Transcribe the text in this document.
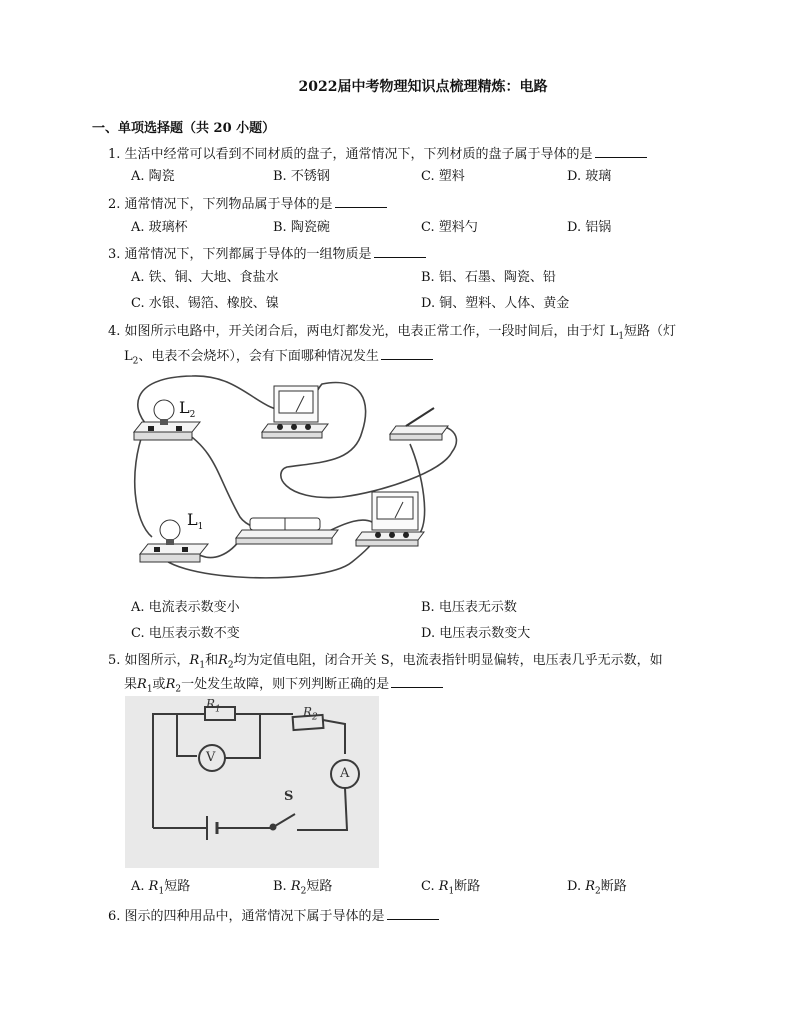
2022届中考物理知识点梳理精炼：电路
一、单项选择题（共 20 小题）
1. 生活中经常可以看到不同材质的盘子，通常情况下，下列材质的盘子属于导体的是
A. 陶瓷	B. 不锈钢	C. 塑料	D. 玻璃
2. 通常情况下，下列物品属于导体的是
A. 玻璃杯	B. 陶瓷碗	C. 塑料勺	D. 铝锅
3. 通常情况下，下列都属于导体的一组物质是
A. 铁、铜、大地、食盐水	B. 铝、石墨、陶瓷、铅
C. 水银、锡箔、橡胶、镍	D. 铜、塑料、人体、黄金
4. 如图所示电路中，开关闭合后，两电灯都发光，电表正常工作，一段时间后，由于灯 $L_1$短路（灯
$L_2$、电表不会烧坏），会有下面哪种情况发生
$L_2$
$L_1$
A. 电流表示数变小	B. 电压表无示数
C. 电压表示数不变	D. 电压表示数变大
5. 如图所示，$R_1$和$R_2$均为定值电阻，闭合开关 S，电流表指针明显偏转，电压表几乎无示数，如
果$R_1$或$R_2$一处发生故障，则下列判断正确的是
$R_1$	$R_2$
V
A
S
A. $R_1$短路	B. $R_2$短路	C. $R_1$断路	D. $R_2$断路
6. 图示的四种用品中，通常情况下属于导体的是
